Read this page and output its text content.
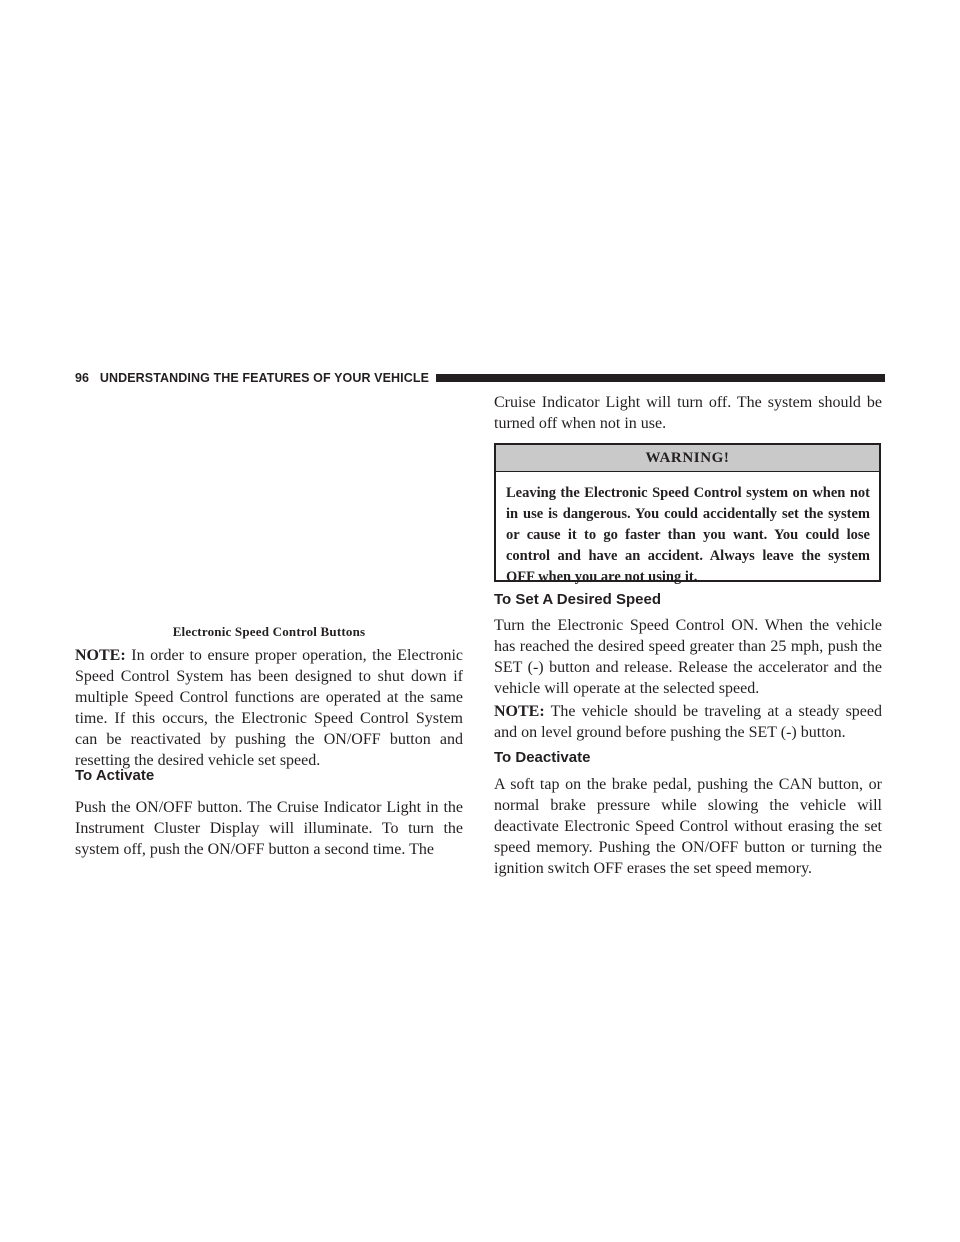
96 UNDERSTANDING THE FEATURES OF YOUR VEHICLE
Electronic Speed Control Buttons

NOTE: In order to ensure proper operation, the Electronic Speed Control System has been designed to shut down if multiple Speed Control functions are operated at the same time. If this occurs, the Electronic Speed Control System can be reactivated by pushing the ON/OFF button and resetting the desired vehicle set speed.

To Activate

Push the ON/OFF button. The Cruise Indicator Light in the Instrument Cluster Display will illuminate. To turn the system off, push the ON/OFF button a second time. The

Cruise Indicator Light will turn off. The system should be turned off when not in use.

WARNING!
Leaving the Electronic Speed Control system on when not in use is dangerous. You could accidentally set the system or cause it to go faster than you want. You could lose control and have an accident. Always leave the system OFF when you are not using it.
To Set A Desired Speed

Turn the Electronic Speed Control ON. When the vehicle has reached the desired speed greater than 25 mph, push the SET (-) button and release. Release the accelerator and the vehicle will operate at the selected speed.

NOTE: The vehicle should be traveling at a steady speed and on level ground before pushing the SET (-) button.

To Deactivate

A soft tap on the brake pedal, pushing the CAN button, or normal brake pressure while slowing the vehicle will deactivate Electronic Speed Control without erasing the set speed memory. Pushing the ON/OFF button or turning the ignition switch OFF erases the set speed memory.
